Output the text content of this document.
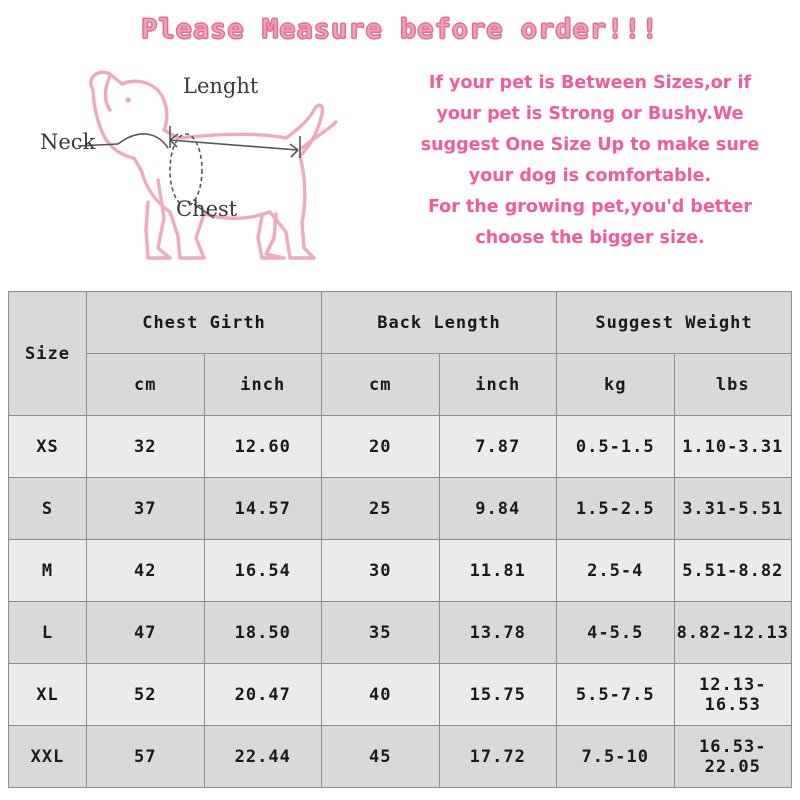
Please Measure before order!!!
Neck
Lenght
Chest
If your pet is Between Sizes,or if
your pet is Strong or Bushy.We
suggest One Size Up to make sure
your dog is comfortable.
For the growing pet,you'd better
choose the bigger size.
Size	Chest Girth		Back Length		Suggest Weight	
	cm	inch	cm	inch	kg	lbs
XS	32	12.60	20	7.87	0.5-1.5	1.10-3.31
S	37	14.57	25	9.84	1.5-2.5	3.31-5.51
M	42	16.54	30	11.81	2.5-4	5.51-8.82
L	47	18.50	35	13.78	4-5.5	8.82-12.13
XL	52	20.47	40	15.75	5.5-7.5	12.13-16.53
XXL	57	22.44	45	17.72	7.5-10	16.53-22.05
